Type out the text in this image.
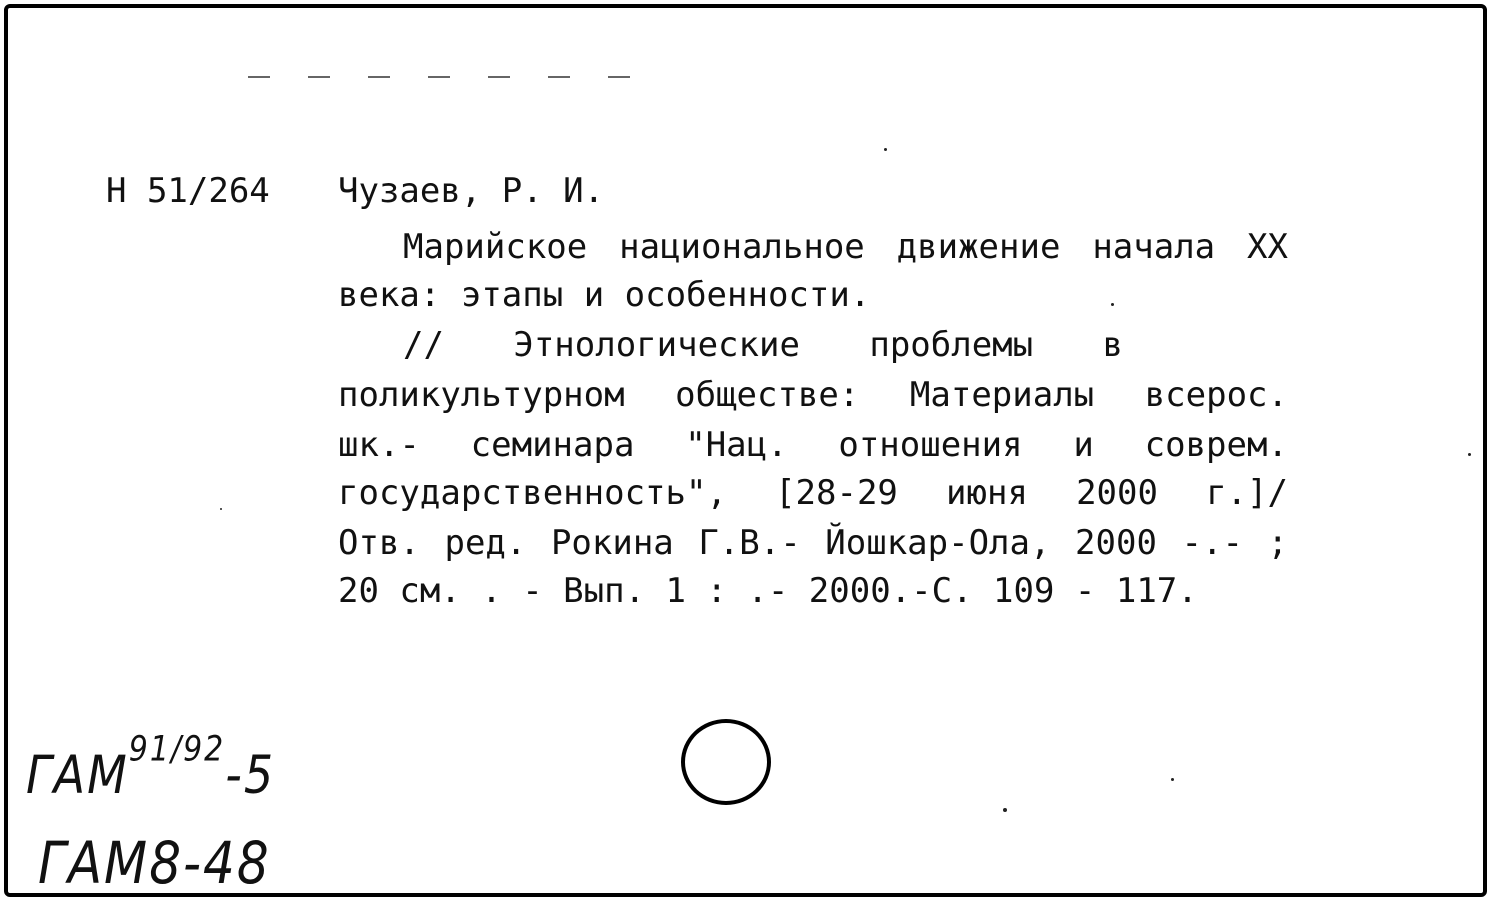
Н 51/264 Чузаев, Р. И.
Марийское национальное движение начала XX
века:
этапы
и
особенности.
// Этнологические проблемы в
поликультурном обществе: Материалы всерос.
шк.- семинара "Нац. отношения и соврем.
государственность", [28-29 июня 2000 г.]/
Отв. ред. Рокина Г.В.- Йошкар-Ола, 2000 -.- ;
20 см. . - Вып. 1 : .- 2000.-С. 109 - 117.
$ГАМ^{91/92}-5$
ГАМ8-48
